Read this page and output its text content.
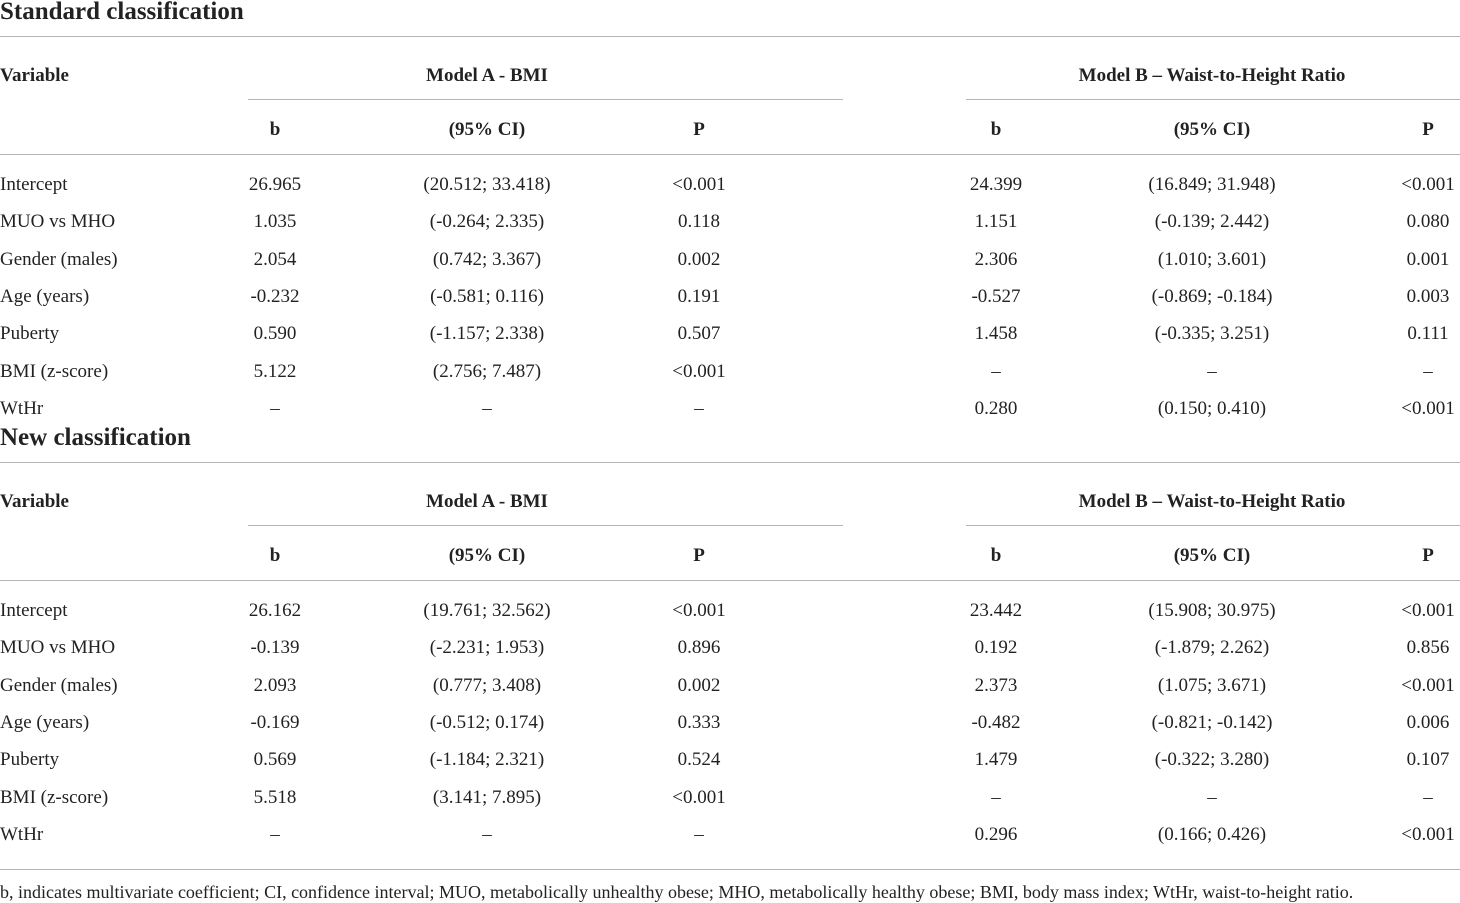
Standard classification
Variable	Model A - BMI	Model B – Waist-to-Height Ratio
b	(95% CI)	P	b	(95% CI)	P
Intercept	26.965	(20.512; 33.418)	<0.001	24.399	(16.849; 31.948)	<0.001
MUO vs MHO	1.035	(-0.264; 2.335)	0.118	1.151	(-0.139; 2.442)	0.080
Gender (males)	2.054	(0.742; 3.367)	0.002	2.306	(1.010; 3.601)	0.001
Age (years)	-0.232	(-0.581; 0.116)	0.191	-0.527	(-0.869; -0.184)	0.003
Puberty	0.590	(-1.157; 2.338)	0.507	1.458	(-0.335; 3.251)	0.111
BMI (z-score)	5.122	(2.756; 7.487)	<0.001	–	–	–
WtHr	–	–	–	0.280	(0.150; 0.410)	<0.001
New classification
Variable	Model A - BMI	Model B – Waist-to-Height Ratio
b	(95% CI)	P	b	(95% CI)	P
Intercept	26.162	(19.761; 32.562)	<0.001	23.442	(15.908; 30.975)	<0.001
MUO vs MHO	-0.139	(-2.231; 1.953)	0.896	0.192	(-1.879; 2.262)	0.856
Gender (males)	2.093	(0.777; 3.408)	0.002	2.373	(1.075; 3.671)	<0.001
Age (years)	-0.169	(-0.512; 0.174)	0.333	-0.482	(-0.821; -0.142)	0.006
Puberty	0.569	(-1.184; 2.321)	0.524	1.479	(-0.322; 3.280)	0.107
BMI (z-score)	5.518	(3.141; 7.895)	<0.001	–	–	–
WtHr	–	–	–	0.296	(0.166; 0.426)	<0.001
b, indicates multivariate coefficient; CI, confidence interval; MUO, metabolically unhealthy obese; MHO, metabolically healthy obese; BMI, body mass index; WtHr, waist-to-height ratio.
